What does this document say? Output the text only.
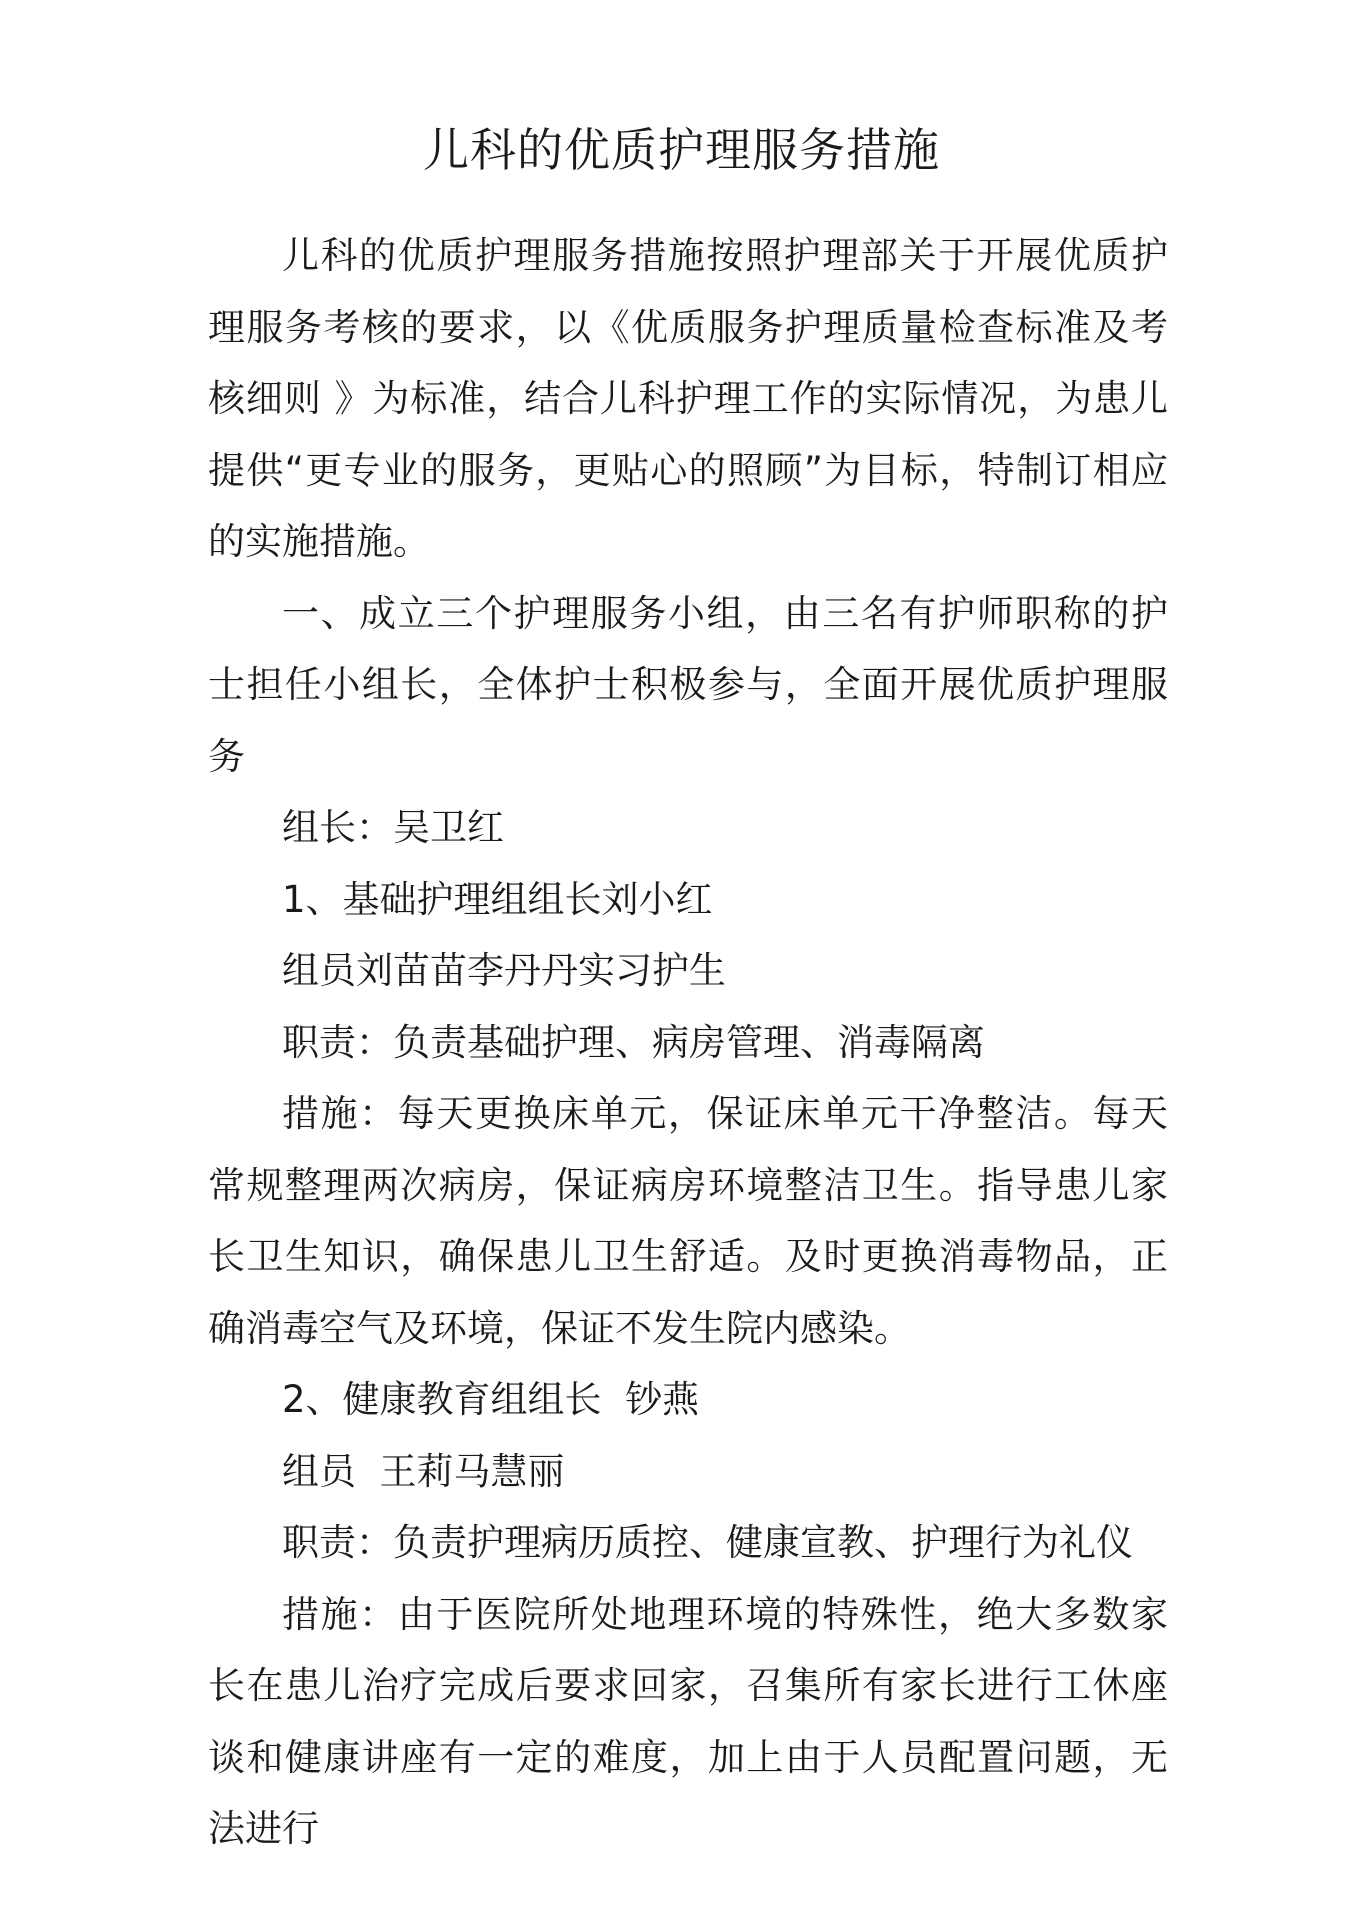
儿科的优质护理服务措施

儿科的优质护理服务措施按照护理部关于开展优质护理服务考核的要求，以《优质服务护理质量检查标准及考核细则 》为标准，结合儿科护理工作的实际情况，为患儿提供“更专业的服务，更贴心的照顾”为目标，特制订相应的实施措施。

一、成立三个护理服务小组，由三名有护师职称的护士担任小组长，全体护士积极参与，全面开展优质护理服务

组长：吴卫红

1、基础护理组组长刘小红

组员刘苗苗李丹丹实习护生

职责：负责基础护理、病房管理、消毒隔离

措施：每天更换床单元，保证床单元干净整洁。每天常规整理两次病房，保证病房环境整洁卫生。指导患儿家长卫生知识，确保患儿卫生舒适。及时更换消毒物品，正确消毒空气及环境，保证不发生院内感染。

2、健康教育组组长  钞燕

组员  王莉马慧丽

职责：负责护理病历质控、健康宣教、护理行为礼仪

措施：由于医院所处地理环境的特殊性，绝大多数家长在患儿治疗完成后要求回家，召集所有家长进行工休座谈和健康讲座有一定的难度，加上由于人员配置问题，无法进行
